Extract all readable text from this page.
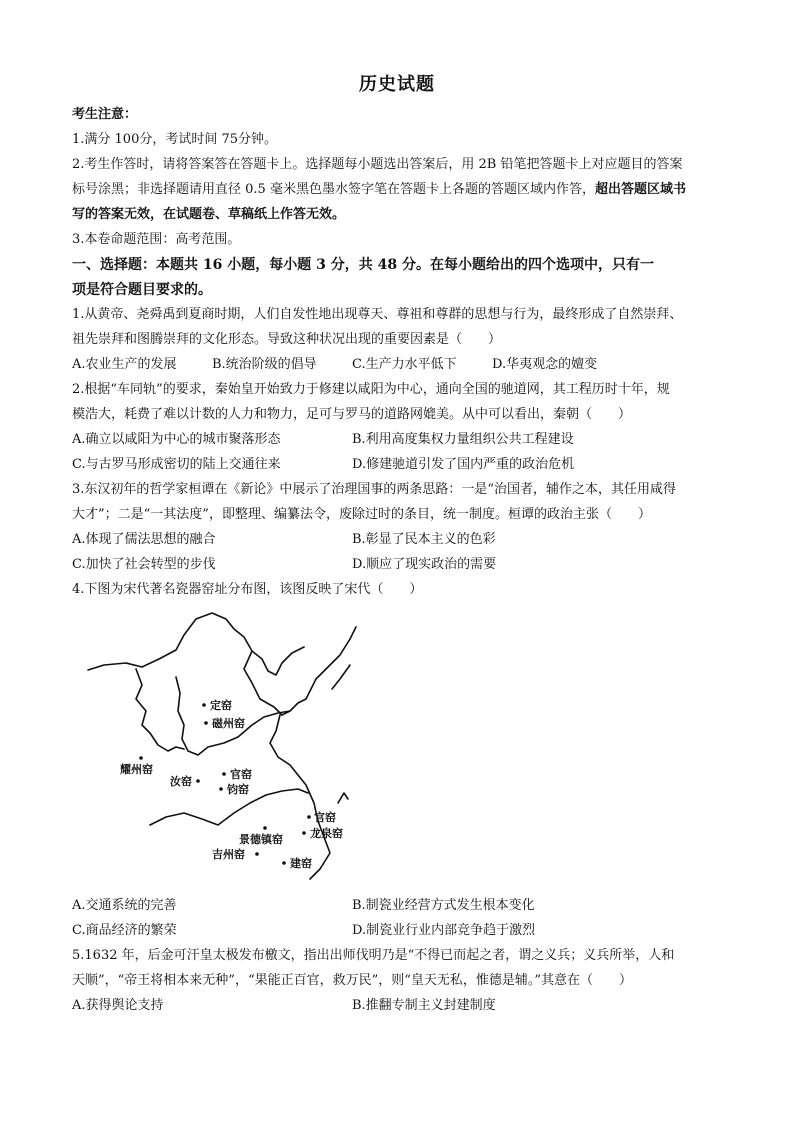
历史试题
考生注意：
1.满分 100分，考试时间 75分钟。
2.考生作答时，请将答案答在答题卡上。选择题每小题选出答案后，用 2B 铅笔把答题卡上对应题目的答案
标号涂黑；非选择题请用直径 0.5 毫米黑色墨水签字笔在答题卡上各题的答题区域内作答，超出答题区域书
写的答案无效，在试题卷、草稿纸上作答无效。
3.本卷命题范围：高考范围。
一、选择题：本题共 16 小题，每小题 3 分，共 48 分。在每小题给出的四个选项中，只有一
项是符合题目要求的。
1.从黄帝、尧舜禹到夏商时期，人们自发性地出现尊天、尊祖和尊群的思想与行为，最终形成了自然崇拜、
祖先崇拜和图腾崇拜的文化形态。导致这种状况出现的重要因素是（　　）
A.农业生产的发展	B.统治阶级的倡导	C.生产力水平低下	D.华夷观念的嬗变
2.根据“车同轨”的要求，秦始皇开始致力于修建以咸阳为中心，通向全国的驰道网，其工程历时十年，规
模浩大，耗费了难以计数的人力和物力，足可与罗马的道路网媲美。从中可以看出，秦朝（　　）
A.确立以咸阳为中心的城市聚落形态	B.利用高度集权力量组织公共工程建设
C.与古罗马形成密切的陆上交通往来	D.修建驰道引发了国内严重的政治危机
3.东汉初年的哲学家桓谭在《新论》中展示了治理国事的两条思路：一是“治国者，辅作之本，其任用咸得
大才”；二是“一其法度”，即整理、编纂法令，废除过时的条目，统一制度。桓谭的政治主张（　　）
A.体现了儒法思想的融合	B.彰显了民本主义的色彩
C.加快了社会转型的步伐	D.顺应了现实政治的需要
4.下图为宋代著名瓷器窑址分布图，该图反映了宋代（　　）
定窑
磁州窑
耀州窑
汝窑
官窑
钧窑
官窑
景德镇窑 龙泉窑
吉州窑
建窑
A.交通系统的完善	B.制瓷业经营方式发生根本变化
C.商品经济的繁荣	D.制瓷业行业内部竞争趋于激烈
5.1632 年，后金可汗皇太极发布檄文，指出出师伐明乃是“不得已而起之者，谓之义兵；义兵所举，人和
天顺”，“帝王将相本来无种”，“果能正百官，救万民”，则“皇天无私，惟德是辅。”其意在（　　）
A.获得舆论支持	B.推翻专制主义封建制度
